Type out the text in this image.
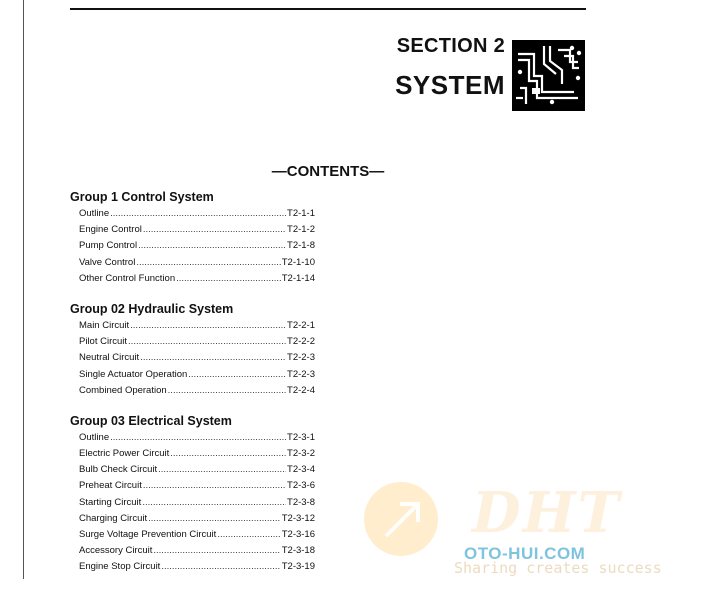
SECTION 2
SYSTEM
—CONTENTS—
Group 1 Control System
Outline .....	T2-1-1
Engine Control .....	T2-1-2
Pump Control .....	T2-1-8
Valve Control .....	T2-1-10
Other Control Function .....	T2-1-14
Group 02 Hydraulic System
Main Circuit .....	T2-2-1
Pilot Circuit .....	T2-2-2
Neutral Circuit .....	T2-2-3
Single Actuator Operation .....	T2-2-3
Combined Operation .....	T2-2-4
Group 03 Electrical System
Outline .....	T2-3-1
Electric Power Circuit .....	T2-3-2
Bulb Check Circuit .....	T2-3-4
Preheat Circuit .....	T2-3-6
Starting Circuit .....	T2-3-8
Charging Circuit .....	T2-3-12
Surge Voltage Prevention Circuit .....	T2-3-16
Accessory Circuit .....	T2-3-18
Engine Stop Circuit .....	T2-3-19
DHT
OTO-HUI.COM
Sharing creates success
